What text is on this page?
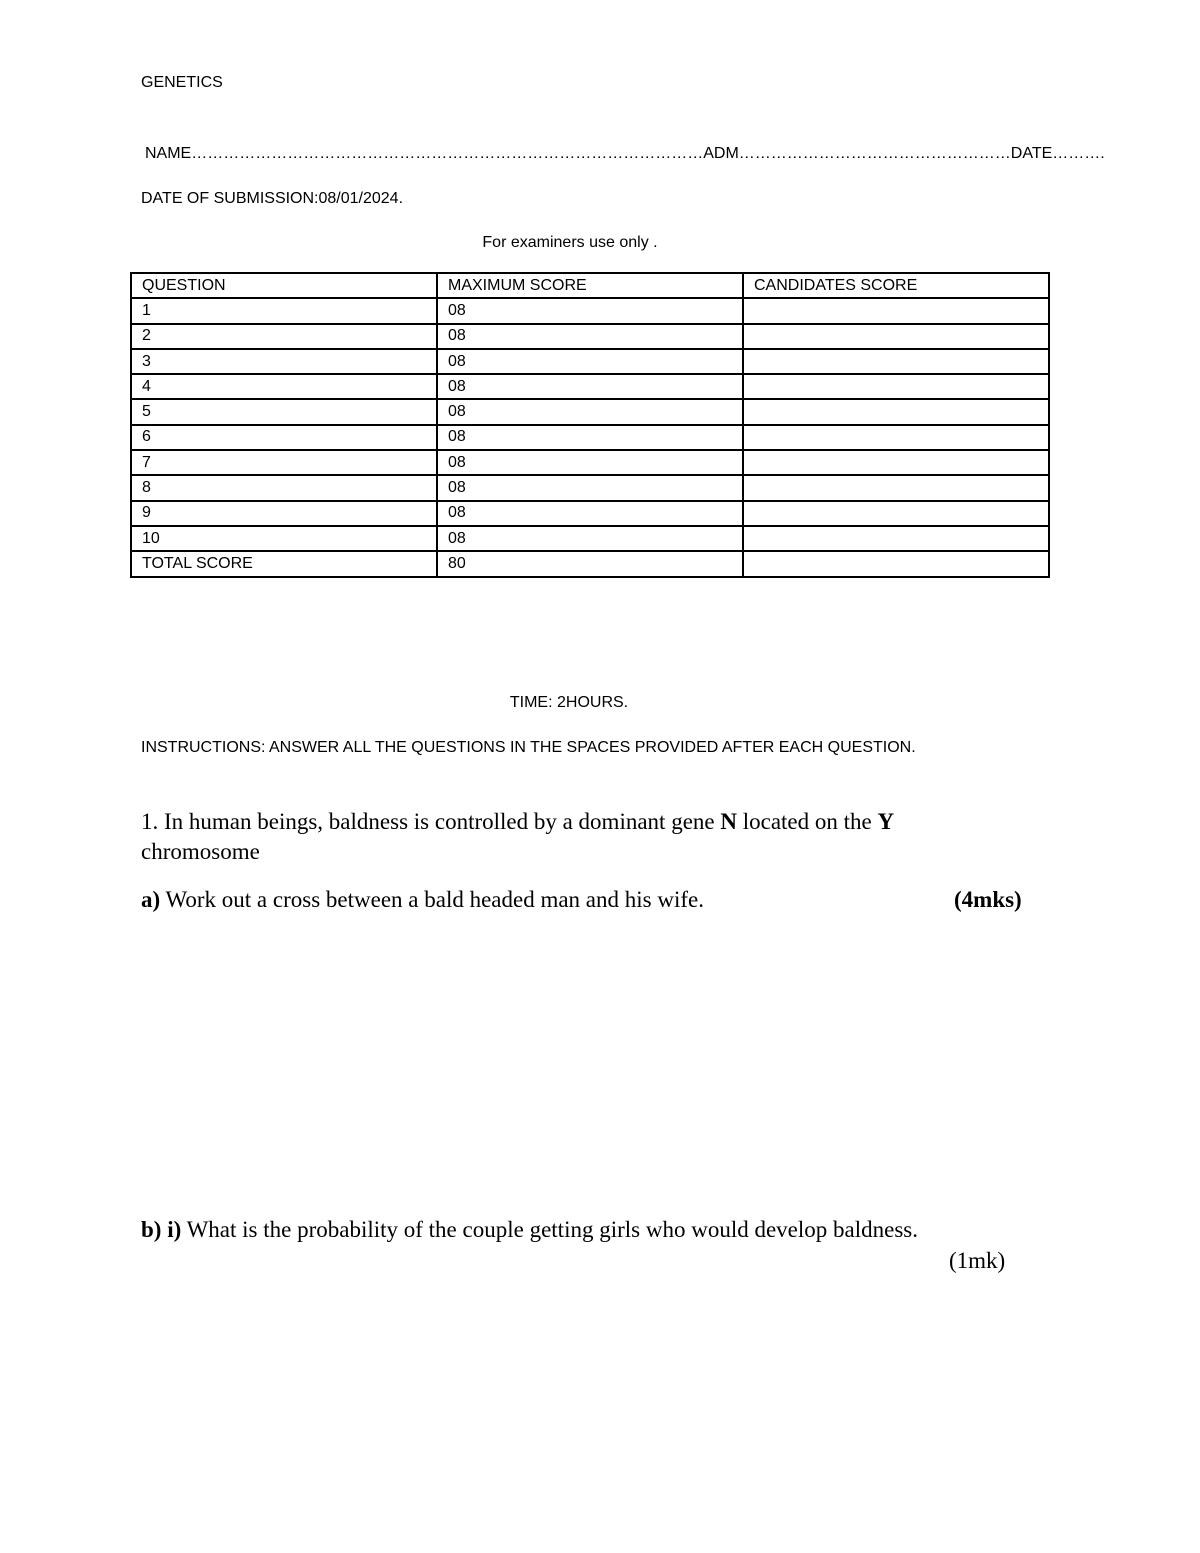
GENETICS
NAME……………………………………………………………………………………ADM……………………………………………DATE……….
DATE OF SUBMISSION:08/01/2024.
For examiners use only .
QUESTION	MAXIMUM SCORE	CANDIDATES SCORE
1	08	
2	08	
3	08	
4	08	
5	08	
6	08	
7	08	
8	08	
9	08	
10	08	
TOTAL SCORE	80	
TIME: 2HOURS.
INSTRUCTIONS: ANSWER ALL THE QUESTIONS IN THE SPACES PROVIDED AFTER EACH QUESTION.
1. In human beings, baldness is controlled by a dominant gene N located on the Y
chromosome
a) Work out a cross between a bald headed man and his wife.	(4mks)
b) i) What is the probability of the couple getting girls who would develop baldness.
(1mk)
